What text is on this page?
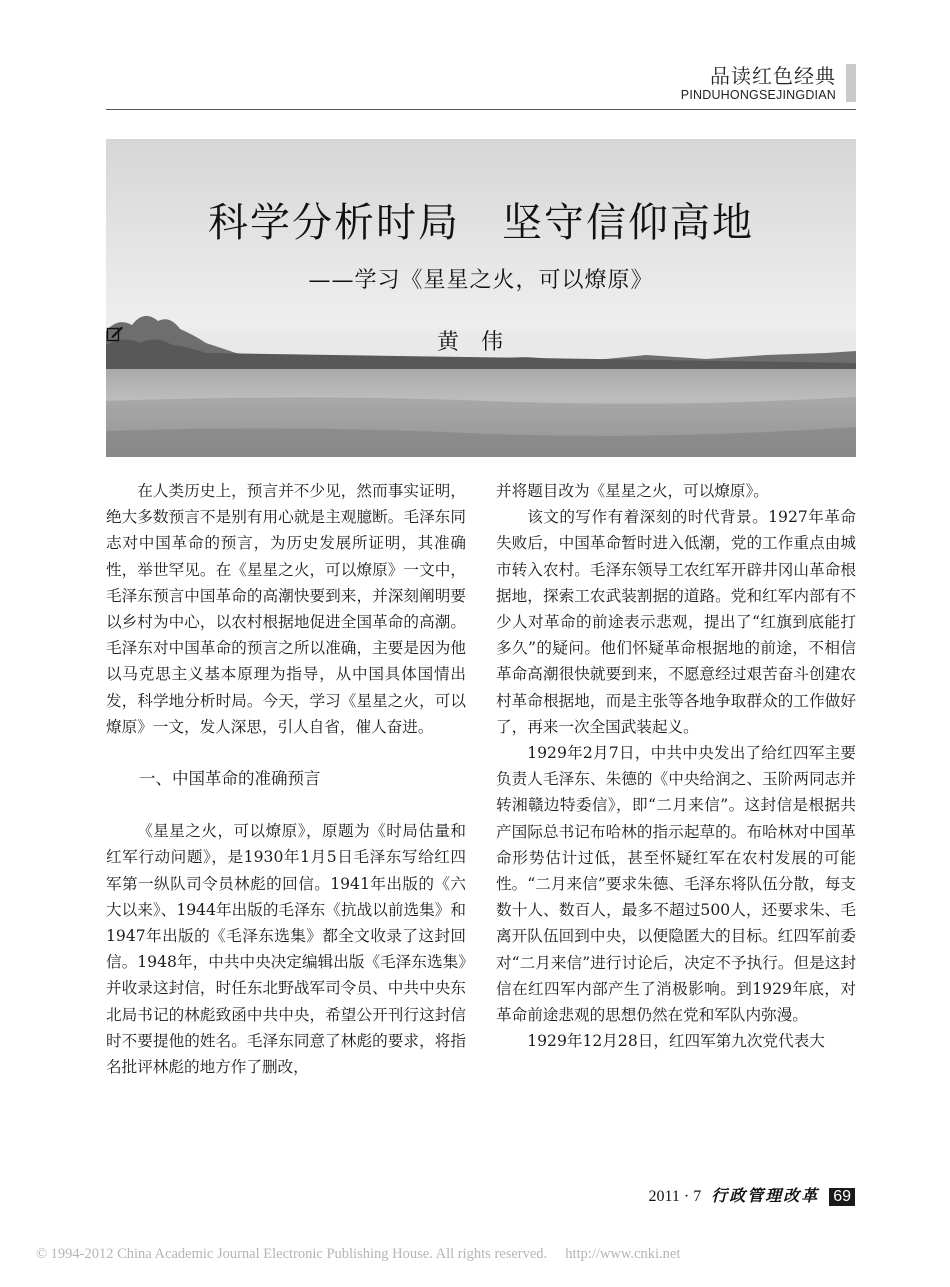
品读红色经典
PINDUHONGSEJINGDIAN
科学分析时局　坚守信仰高地
——学习《星星之火，可以燎原》
黄伟

在人类历史上，预言并不少见，然而事实证明，绝大多数预言不是别有用心就是主观臆断。毛泽东同志对中国革命的预言，为历史发展所证明，其准确性，举世罕见。在《星星之火，可以燎原》一文中，毛泽东预言中国革命的高潮快要到来，并深刻阐明要以乡村为中心，以农村根据地促进全国革命的高潮。毛泽东对中国革命的预言之所以准确，主要是因为他以马克思主义基本原理为指导，从中国具体国情出发，科学地分析时局。今天，学习《星星之火，可以燎原》一文，发人深思，引人自省，催人奋进。

一、中国革命的准确预言

《星星之火，可以燎原》，原题为《时局估量和红军行动问题》，是1930年1月5日毛泽东写给红四军第一纵队司令员林彪的回信。1941年出版的《六大以来》、1944年出版的毛泽东《抗战以前选集》和1947年出版的《毛泽东选集》都全文收录了这封回信。1948年，中共中央决定编辑出版《毛泽东选集》并收录这封信，时任东北野战军司令员、中共中央东北局书记的林彪致函中共中央，希望公开刊行这封信时不要提他的姓名。毛泽东同意了林彪的要求，将指名批评林彪的地方作了删改，

并将题目改为《星星之火，可以燎原》。

该文的写作有着深刻的时代背景。1927年革命失败后，中国革命暂时进入低潮，党的工作重点由城市转入农村。毛泽东领导工农红军开辟井冈山革命根据地，探索工农武装割据的道路。党和红军内部有不少人对革命的前途表示悲观，提出了“红旗到底能打多久”的疑问。他们怀疑革命根据地的前途，不相信革命高潮很快就要到来，不愿意经过艰苦奋斗创建农村革命根据地，而是主张等各地争取群众的工作做好了，再来一次全国武装起义。

1929年2月7日，中共中央发出了给红四军主要负责人毛泽东、朱德的《中央给润之、玉阶两同志并转湘赣边特委信》，即“二月来信”。这封信是根据共产国际总书记布哈林的指示起草的。布哈林对中国革命形势估计过低，甚至怀疑红军在农村发展的可能性。“二月来信”要求朱德、毛泽东将队伍分散，每支数十人、数百人，最多不超过500人，还要求朱、毛离开队伍回到中央，以便隐匿大的目标。红四军前委对“二月来信”进行讨论后，决定不予执行。但是这封信在红四军内部产生了消极影响。到1929年底，对革命前途悲观的思想仍然在党和军队内弥漫。

1929年12月28日，红四军第九次党代表大

2011 · 7 行政管理改革 69
© 1994-2012 China Academic Journal Electronic Publishing House. All rights reserved.　 http://www.cnki.net
